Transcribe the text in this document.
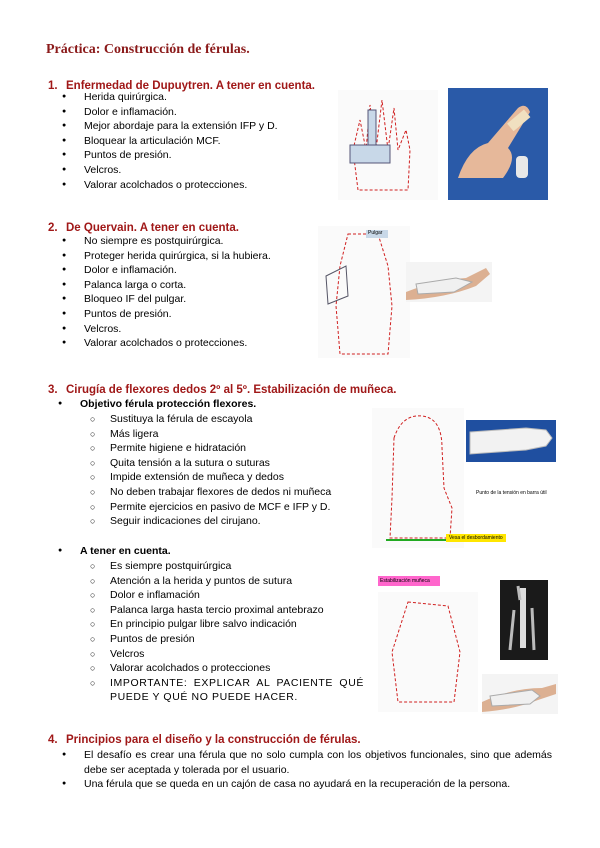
Práctica: Construcción de férulas.
1. Enfermedad de Dupuytren. A tener en cuenta.
● Herida quirúrgica.
● Dolor e inflamación.
● Mejor abordaje para la extensión IFP y D.
● Bloquear la articulación MCF.
● Puntos de presión.
● Velcros.
● Valorar acolchados o protecciones.
2. De Quervain. A tener en cuenta.
● No siempre es postquirúrgica.
● Proteger herida quirúrgica, si la hubiera.
● Dolor e inflamación.
● Palanca larga o corta.
● Bloqueo IF del pulgar.
● Puntos de presión.
● Velcros.
● Valorar acolchados o protecciones.
Pulgar
3. Cirugía de flexores dedos 2º al 5º. Estabilización de muñeca.
● Objetivo férula protección flexores.
○ Sustituya la férula de escayola
○ Más ligera
○ Permite higiene e hidratación
○ Quita tensión a la sutura o suturas
○ Impide extensión de muñeca y dedos
○ No deben trabajar flexores de dedos ni muñeca
○ Permite ejercicios en pasivo de MCF e IFP y D.
○ Seguir indicaciones del cirujano.
Punto de la tensión en barra útil
Vesa el desbordamiento
● A tener en cuenta.
○ Es siempre postquirúrgica
○ Atención a la herida y puntos de sutura
○ Dolor e inflamación
○ Palanca larga hasta tercio proximal antebrazo
○ En principio pulgar libre salvo indicación
○ Puntos de presión
○ Velcros
○ Valorar acolchados o protecciones
○ IMPORTANTE: EXPLICAR AL PACIENTE QUÉ PUEDE Y QUÉ NO PUEDE HACER.
Estabilización muñeca
4. Principios para el diseño y la construcción de férulas.
● El desafío es crear una férula que no solo cumpla con los objetivos funcionales, sino que además debe ser aceptada y tolerada por el usuario.
● Una férula que se queda en un cajón de casa no ayudará en la recuperación de la persona.
